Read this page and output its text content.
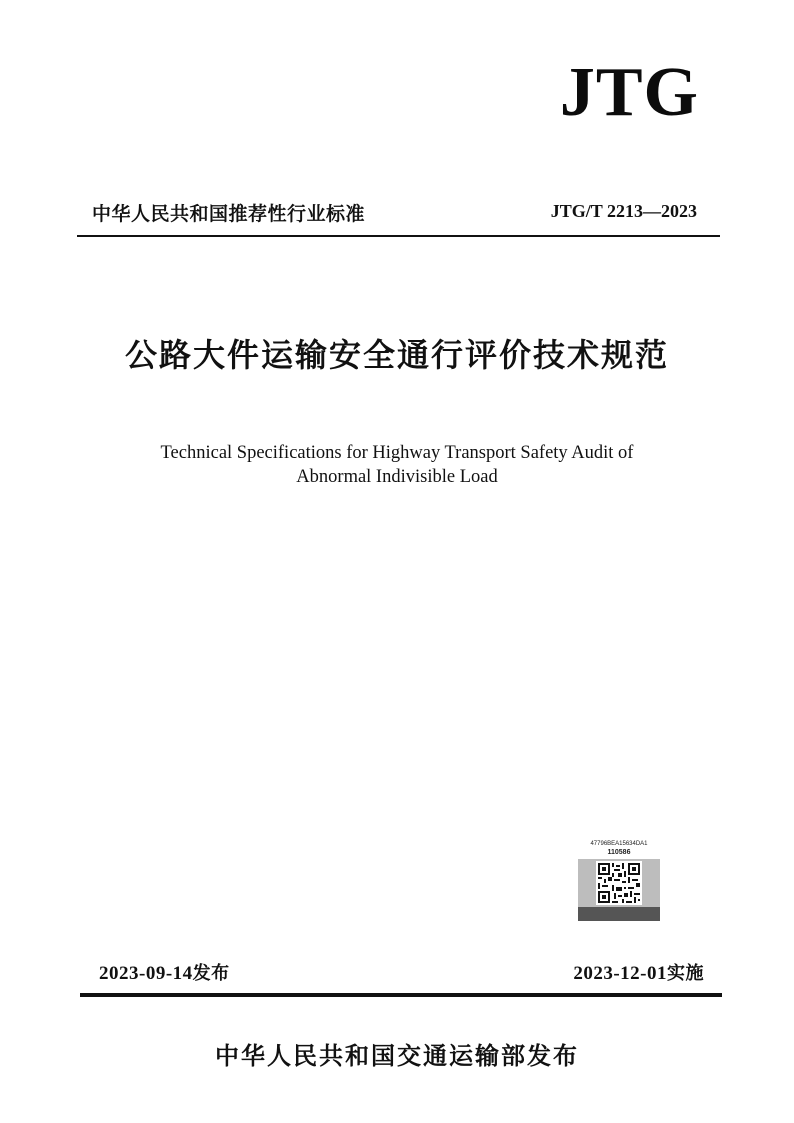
JTG
中华人民共和国推荐性行业标准	JTG/T 2213—2023
公路大件运输安全通行评价技术规范
Technical Specifications for Highway Transport Safety Audit of
Abnormal Indivisible Load
47796BEA15634DA1
110586
2023-09-14发布	2023-12-01实施
中华人民共和国交通运输部发布
